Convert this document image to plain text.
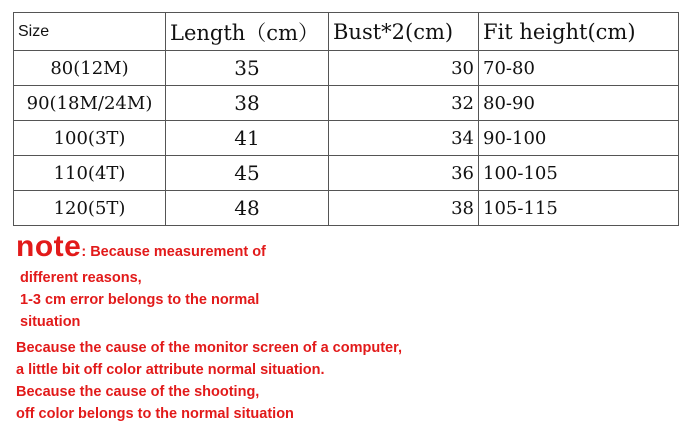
Size	Length（cm）	Bust*2(cm)	Fit height(cm)
80(12M)	35	30	70-80
90(18M/24M)	38	32	80-90
100(3T)	41	34	90-100
110(4T)	45	36	100-105
120(5T)	48	38	105-115
note: Because measurement of
different reasons,
1-3 cm error belongs to the normal
situation
Because the cause of the monitor screen of a computer,
a little bit off color attribute normal situation.
Because the cause of the shooting,
off color belongs to the normal situation
